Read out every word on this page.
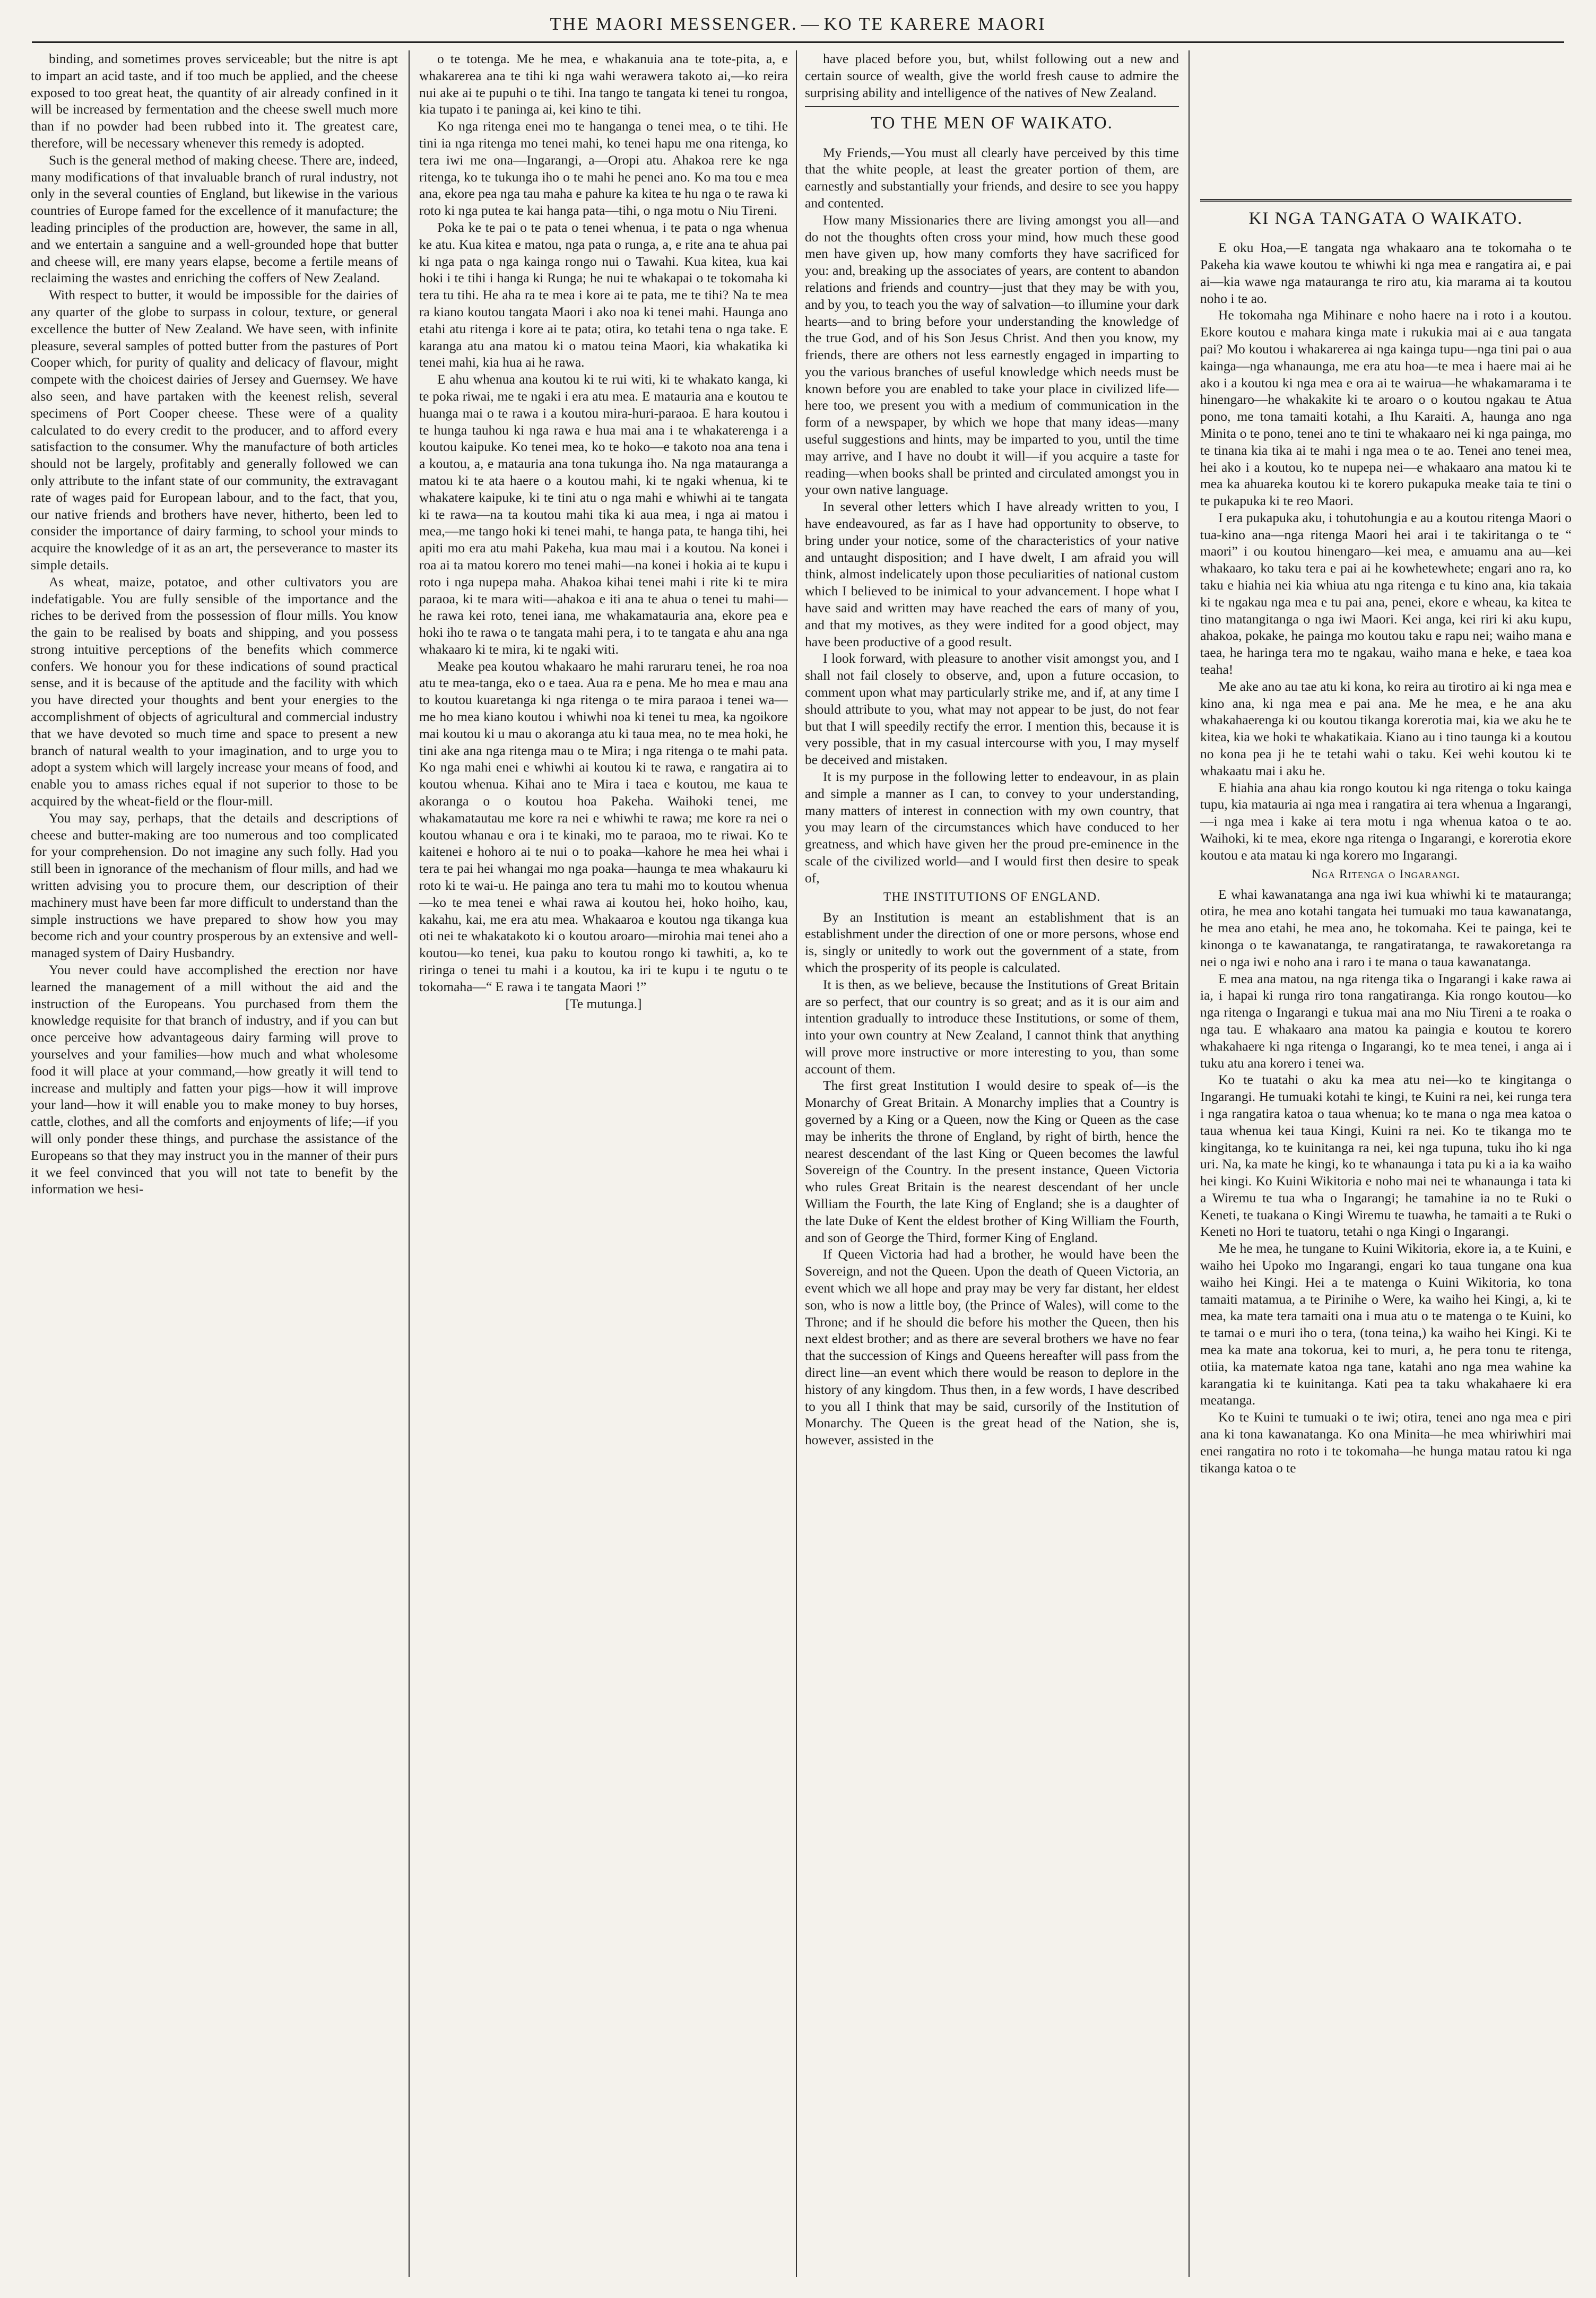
THE MAORI MESSENGER. — KO TE KARERE MAORI

binding, and sometimes proves serviceable; but the nitre is apt to impart an acid taste, and if too much be applied, and the cheese exposed to too great heat, the quantity of air already confined in it will be increased by fermentation and the cheese swell much more than if no powder had been rubbed into it. The greatest care, therefore, will be necessary whenever this remedy is adopted.

Such is the general method of making cheese. There are, indeed, many modifications of that invaluable branch of rural industry, not only in the several counties of England, but likewise in the various countries of Europe famed for the excellence of it manufacture; the leading principles of the production are, however, the same in all, and we entertain a sanguine and a well-grounded hope that butter and cheese will, ere many years elapse, become a fertile means of reclaiming the wastes and enriching the coffers of New Zealand.

With respect to butter, it would be impossible for the dairies of any quarter of the globe to surpass in colour, texture, or general excellence the butter of New Zealand. We have seen, with infinite pleasure, several samples of potted butter from the pastures of Port Cooper which, for purity of quality and delicacy of flavour, might compete with the choicest dairies of Jersey and Guernsey. We have also seen, and have partaken with the keenest relish, several specimens of Port Cooper cheese. These were of a quality calculated to do every credit to the producer, and to afford every satisfaction to the consumer. Why the manufacture of both articles should not be largely, profitably and generally followed we can only attribute to the infant state of our community, the extravagant rate of wages paid for European labour, and to the fact, that you, our native friends and brothers have never, hitherto, been led to consider the importance of dairy farming, to school your minds to acquire the knowledge of it as an art, the perseverance to master its simple details.

As wheat, maize, potatoe, and other cultivators you are indefatigable. You are fully sensible of the importance and the riches to be derived from the possession of flour mills. You know the gain to be realised by boats and shipping, and you possess strong intuitive perceptions of the benefits which commerce confers. We honour you for these indications of sound practical sense, and it is because of the aptitude and the facility with which you have directed your thoughts and bent your energies to the accomplishment of objects of agricultural and commercial industry that we have devoted so much time and space to present a new branch of natural wealth to your imagination, and to urge you to adopt a system which will largely increase your means of food, and enable you to amass riches equal if not superior to those to be acquired by the wheat-field or the flour-mill.

You may say, perhaps, that the details and descriptions of cheese and butter-making are too numerous and too complicated for your comprehension. Do not imagine any such folly. Had you still been in ignorance of the mechanism of flour mills, and had we written advising you to procure them, our description of their machinery must have been far more difficult to understand than the simple instructions we have prepared to show how you may become rich and your country prosperous by an extensive and well-managed system of Dairy Husbandry.

You never could have accomplished the erection nor have learned the management of a mill without the aid and the instruction of the Europeans. You purchased from them the knowledge requisite for that branch of industry, and if you can but once perceive how advantageous dairy farming will prove to yourselves and your families—how much and what wholesome food it will place at your command,—how greatly it will tend to increase and multiply and fatten your pigs—how it will improve your land—how it will enable you to make money to buy horses, cattle, clothes, and all the comforts and enjoyments of life;—if you will only ponder these things, and purchase the assistance of the Europeans so that they may instruct you in the manner of their purs it we feel convinced that you will not tate to benefit by the information we hesi-

o te totenga. Me he mea, e whakanuia ana te tote-pita, a, e whakarerea ana te tihi ki nga wahi werawera takoto ai,—ko reira nui ake ai te pupuhi o te tihi. Ina tango te tangata ki tenei tu rongoa, kia tupato i te paninga ai, kei kino te tihi.

Ko nga ritenga enei mo te hanganga o tenei mea, o te tihi. He tini ia nga ritenga mo tenei mahi, ko tenei hapu me ona ritenga, ko tera iwi me ona—Ingarangi, a—Oropi atu. Ahakoa rere ke nga ritenga, ko te tukunga iho o te mahi he penei ano. Ko ma tou e mea ana, ekore pea nga tau maha e pahure ka kitea te hu nga o te rawa ki roto ki nga putea te kai hanga pata—tihi, o nga motu o Niu Tireni.

Poka ke te pai o te pata o tenei whenua, i te pata o nga whenua ke atu. Kua kitea e matou, nga pata o runga, a, e rite ana te ahua pai ki nga pata o nga kainga rongo nui o Tawahi. Kua kitea, kua kai hoki i te tihi i hanga ki Runga; he nui te whakapai o te tokomaha ki tera tu tihi. He aha ra te mea i kore ai te pata, me te tihi? Na te mea ra kiano koutou tangata Maori i ako noa ki tenei mahi. Haunga ano etahi atu ritenga i kore ai te pata; otira, ko tetahi tena o nga take. E karanga atu ana matou ki o matou teina Maori, kia whakatika ki tenei mahi, kia hua ai he rawa.

E ahu whenua ana koutou ki te rui witi, ki te whakato kanga, ki te poka riwai, me te ngaki i era atu mea. E matauria ana e koutou te huanga mai o te rawa i a koutou mira-huri-paraoa. E hara koutou i te hunga tauhou ki nga rawa e hua mai ana i te whakaterenga i a koutou kaipuke. Ko tenei mea, ko te hoko—e takoto noa ana tena i a koutou, a, e matauria ana tona tukunga iho. Na nga matauranga a matou ki te ata haere o a koutou mahi, ki te ngaki whenua, ki te whakatere kaipuke, ki te tini atu o nga mahi e whiwhi ai te tangata ki te rawa—na ta koutou mahi tika ki aua mea, i nga ai matou i mea,—me tango hoki ki tenei mahi, te hanga pata, te hanga tihi, hei apiti mo era atu mahi Pakeha, kua mau mai i a koutou. Na konei i roa ai ta matou korero mo tenei mahi—na konei i hokia ai te kupu i roto i nga nupepa maha. Ahakoa kihai tenei mahi i rite ki te mira paraoa, ki te mara witi—ahakoa e iti ana te ahua o tenei tu mahi—he rawa kei roto, tenei iana, me whakamatauria ana, ekore pea e hoki iho te rawa o te tangata mahi pera, i to te tangata e ahu ana nga whakaaro ki te mira, ki te ngaki witi.

Meake pea koutou whakaaro he mahi raruraru tenei, he roa noa atu te mea-tanga, eko o e taea. Aua ra e pena. Me ho mea e mau ana to koutou kuaretanga ki nga ritenga o te mira paraoa i tenei wa—me ho mea kiano koutou i whiwhi noa ki tenei tu mea, ka ngoikore mai koutou ki u mau o akoranga atu ki taua mea, no te mea hoki, he tini ake ana nga ritenga mau o te Mira; i nga ritenga o te mahi pata. Ko nga mahi enei e whiwhi ai koutou ki te rawa, e rangatira ai to koutou whenua. Kihai ano te Mira i taea e koutou, me kaua te akoranga o o koutou hoa Pakeha. Waihoki tenei, me whakamatautau me kore ra nei e whiwhi te rawa; me kore ra nei o koutou whanau e ora i te kinaki, mo te paraoa, mo te riwai. Ko te kaitenei e hohoro ai te nui o to poaka—kahore he mea hei whai i tera te pai hei whangai mo nga poaka—haunga te mea whakauru ki roto ki te wai-u. He painga ano tera tu mahi mo to koutou whenua—ko te mea tenei e whai rawa ai koutou hei, hoko hoiho, kau, kakahu, kai, me era atu mea. Whakaaroa e koutou nga tikanga kua oti nei te whakatakoto ki o koutou aroaro—mirohia mai tenei aho a koutou—ko tenei, kua paku to koutou rongo ki tawhiti, a, ko te riringa o tenei tu mahi i a koutou, ka iri te kupu i te ngutu o te tokomaha—“ E rawa i te tangata Maori !”

[Te mutunga.]

have placed before you, but, whilst following out a new and certain source of wealth, give the world fresh cause to admire the surprising ability and intelligence of the natives of New Zealand.

TO THE MEN OF WAIKATO.

My Friends,—You must all clearly have perceived by this time that the white people, at least the greater portion of them, are earnestly and substantially your friends, and desire to see you happy and contented.

How many Missionaries there are living amongst you all—and do not the thoughts often cross your mind, how much these good men have given up, how many comforts they have sacrificed for you: and, breaking up the associates of years, are content to abandon relations and friends and country—just that they may be with you, and by you, to teach you the way of salvation—to illumine your dark hearts—and to bring before your understanding the knowledge of the true God, and of his Son Jesus Christ. And then you know, my friends, there are others not less earnestly engaged in imparting to you the various branches of useful knowledge which needs must be known before you are enabled to take your place in civilized life—here too, we present you with a medium of communication in the form of a newspaper, by which we hope that many ideas—many useful suggestions and hints, may be imparted to you, until the time may arrive, and I have no doubt it will—if you acquire a taste for reading—when books shall be printed and circulated amongst you in your own native language.

In several other letters which I have already written to you, I have endeavoured, as far as I have had opportunity to observe, to bring under your notice, some of the characteristics of your native and untaught disposition; and I have dwelt, I am afraid you will think, almost indelicately upon those peculiarities of national custom which I believed to be inimical to your advancement. I hope what I have said and written may have reached the ears of many of you, and that my motives, as they were indited for a good object, may have been productive of a good result.

I look forward, with pleasure to another visit amongst you, and I shall not fail closely to observe, and, upon a future occasion, to comment upon what may particularly strike me, and if, at any time I should attribute to you, what may not appear to be just, do not fear but that I will speedily rectify the error. I mention this, because it is very possible, that in my casual intercourse with you, I may myself be deceived and mistaken.

It is my purpose in the following letter to endeavour, in as plain and simple a manner as I can, to convey to your understanding, many matters of interest in connection with my own country, that you may learn of the circumstances which have conduced to her greatness, and which have given her the proud pre-eminence in the scale of the civilized world—and I would first then desire to speak of,

THE INSTITUTIONS OF ENGLAND.

By an Institution is meant an establishment that is an establishment under the direction of one or more persons, whose end is, singly or unitedly to work out the government of a state, from which the prosperity of its people is calculated.

It is then, as we believe, because the Institutions of Great Britain are so perfect, that our country is so great; and as it is our aim and intention gradually to introduce these Institutions, or some of them, into your own country at New Zealand, I cannot think that anything will prove more instructive or more interesting to you, than some account of them.

The first great Institution I would desire to speak of—is the Monarchy of Great Britain. A Monarchy implies that a Country is governed by a King or a Queen, now the King or Queen as the case may be inherits the throne of England, by right of birth, hence the nearest descendant of the last King or Queen becomes the lawful Sovereign of the Country. In the present instance, Queen Victoria who rules Great Britain is the nearest descendant of her uncle William the Fourth, the late King of England; she is a daughter of the late Duke of Kent the eldest brother of King William the Fourth, and son of George the Third, former King of England.

If Queen Victoria had had a brother, he would have been the Sovereign, and not the Queen. Upon the death of Queen Victoria, an event which we all hope and pray may be very far distant, her eldest son, who is now a little boy, (the Prince of Wales), will come to the Throne; and if he should die before his mother the Queen, then his next eldest brother; and as there are several brothers we have no fear that the succession of Kings and Queens hereafter will pass from the direct line—an event which there would be reason to deplore in the history of any kingdom. Thus then, in a few words, I have described to you all I think that may be said, cursorily of the Institution of Monarchy. The Queen is the great head of the Nation, she is, however, assisted in the

KI NGA TANGATA O WAIKATO.

E oku Hoa,—E tangata nga whakaaro ana te tokomaha o te Pakeha kia wawe koutou te whiwhi ki nga mea e rangatira ai, e pai ai—kia wawe nga matauranga te riro atu, kia marama ai ta koutou noho i te ao.

He tokomaha nga Mihinare e noho haere na i roto i a koutou. Ekore koutou e mahara kinga mate i rukukia mai ai e aua tangata pai? Mo koutou i whakarerea ai nga kainga tupu—nga tini pai o aua kainga—nga whanaunga, me era atu hoa—te mea i haere mai ai he ako i a koutou ki nga mea e ora ai te wairua—he whakamarama i te hinengaro—he whakakite ki te aroaro o o koutou ngakau te Atua pono, me tona tamaiti kotahi, a Ihu Karaiti. A, haunga ano nga Minita o te pono, tenei ano te tini te whakaaro nei ki nga painga, mo te tinana kia tika ai te mahi i nga mea o te ao. Tenei ano tenei mea, hei ako i a koutou, ko te nupepa nei—e whakaaro ana matou ki te mea ka ahuareka koutou ki te korero pukapuka meake taia te tini o te pukapuka ki te reo Maori.

I era pukapuka aku, i tohutohungia e au a koutou ritenga Maori o tua-kino ana—nga ritenga Maori hei arai i te takiritanga o te “ maori” i ou koutou hinengaro—kei mea, e amuamu ana au—kei whakaaro, ko taku tera e pai ai he kowhetewhete; engari ano ra, ko taku e hiahia nei kia whiua atu nga ritenga e tu kino ana, kia takaia ki te ngakau nga mea e tu pai ana, penei, ekore e wheau, ka kitea te tino matangitanga o nga iwi Maori. Kei anga, kei riri ki aku kupu, ahakoa, pokake, he painga mo koutou taku e rapu nei; waiho mana e taea, he haringa tera mo te ngakau, waiho mana e heke, e taea koa teaha!

Me ake ano au tae atu ki kona, ko reira au tirotiro ai ki nga mea e kino ana, ki nga mea e pai ana. Me he mea, e he ana aku whakahaerenga ki ou koutou tikanga korerotia mai, kia we aku he te kitea, kia we hoki te whakatikaia. Kiano au i tino taunga ki a koutou no kona pea ji he te tetahi wahi o taku. Kei wehi koutou ki te whakaatu mai i aku he.

E hiahia ana ahau kia rongo koutou ki nga ritenga o toku kainga tupu, kia matauria ai nga mea i rangatira ai tera whenua a Ingarangi,—i nga mea i kake ai tera motu i nga whenua katoa o te ao. Waihoki, ki te mea, ekore nga ritenga o Ingarangi, e korerotia ekore koutou e ata matau ki nga korero mo Ingarangi.

Nga Ritenga o Ingarangi.

E whai kawanatanga ana nga iwi kua whiwhi ki te matauranga; otira, he mea ano kotahi tangata hei tumuaki mo taua kawanatanga, he mea ano etahi, he mea ano, he tokomaha. Kei te painga, kei te kinonga o te kawanatanga, te rangatiratanga, te rawakoretanga ra nei o nga iwi e noho ana i raro i te mana o taua kawanatanga.

E mea ana matou, na nga ritenga tika o Ingarangi i kake rawa ai ia, i hapai ki runga riro tona rangatiranga. Kia rongo koutou—ko nga ritenga o Ingarangi e tukua mai ana mo Niu Tireni a te roaka o nga tau. E whakaaro ana matou ka paingia e koutou te korero whakahaere ki nga ritenga o Ingarangi, ko te mea tenei, i anga ai i tuku atu ana korero i tenei wa.

Ko te tuatahi o aku ka mea atu nei—ko te kingitanga o Ingarangi. He tumuaki kotahi te kingi, te Kuini ra nei, kei runga tera i nga rangatira katoa o taua whenua; ko te mana o nga mea katoa o taua whenua kei taua Kingi, Kuini ra nei. Ko te tikanga mo te kingitanga, ko te kuinitanga ra nei, kei nga tupuna, tuku iho ki nga uri. Na, ka mate he kingi, ko te whanaunga i tata pu ki a ia ka waiho hei kingi. Ko Kuini Wikitoria e noho mai nei te whanaunga i tata ki a Wiremu te tua wha o Ingarangi; he tamahine ia no te Ruki o Keneti, te tuakana o Kingi Wiremu te tuawha, he tamaiti a te Ruki o Keneti no Hori te tuatoru, tetahi o nga Kingi o Ingarangi.

Me he mea, he tungane to Kuini Wikitoria, ekore ia, a te Kuini, e waiho hei Upoko mo Ingarangi, engari ko taua tungane ona kua waiho hei Kingi. Hei a te matenga o Kuini Wikitoria, ko tona tamaiti matamua, a te Pirinihe o Were, ka waiho hei Kingi, a, ki te mea, ka mate tera tamaiti ona i mua atu o te matenga o te Kuini, ko te tamai o e muri iho o tera, (tona teina,) ka waiho hei Kingi. Ki te mea ka mate ana tokorua, kei to muri, a, he pera tonu te ritenga, otiia, ka matemate katoa nga tane, katahi ano nga mea wahine ka karangatia ki te kuinitanga. Kati pea ta taku whakahaere ki era meatanga.

Ko te Kuini te tumuaki o te iwi; otira, tenei ano nga mea e piri ana ki tona kawanatanga. Ko ona Minita—he mea whiriwhiri mai enei rangatira no roto i te tokomaha—he hunga matau ratou ki nga tikanga katoa o te
